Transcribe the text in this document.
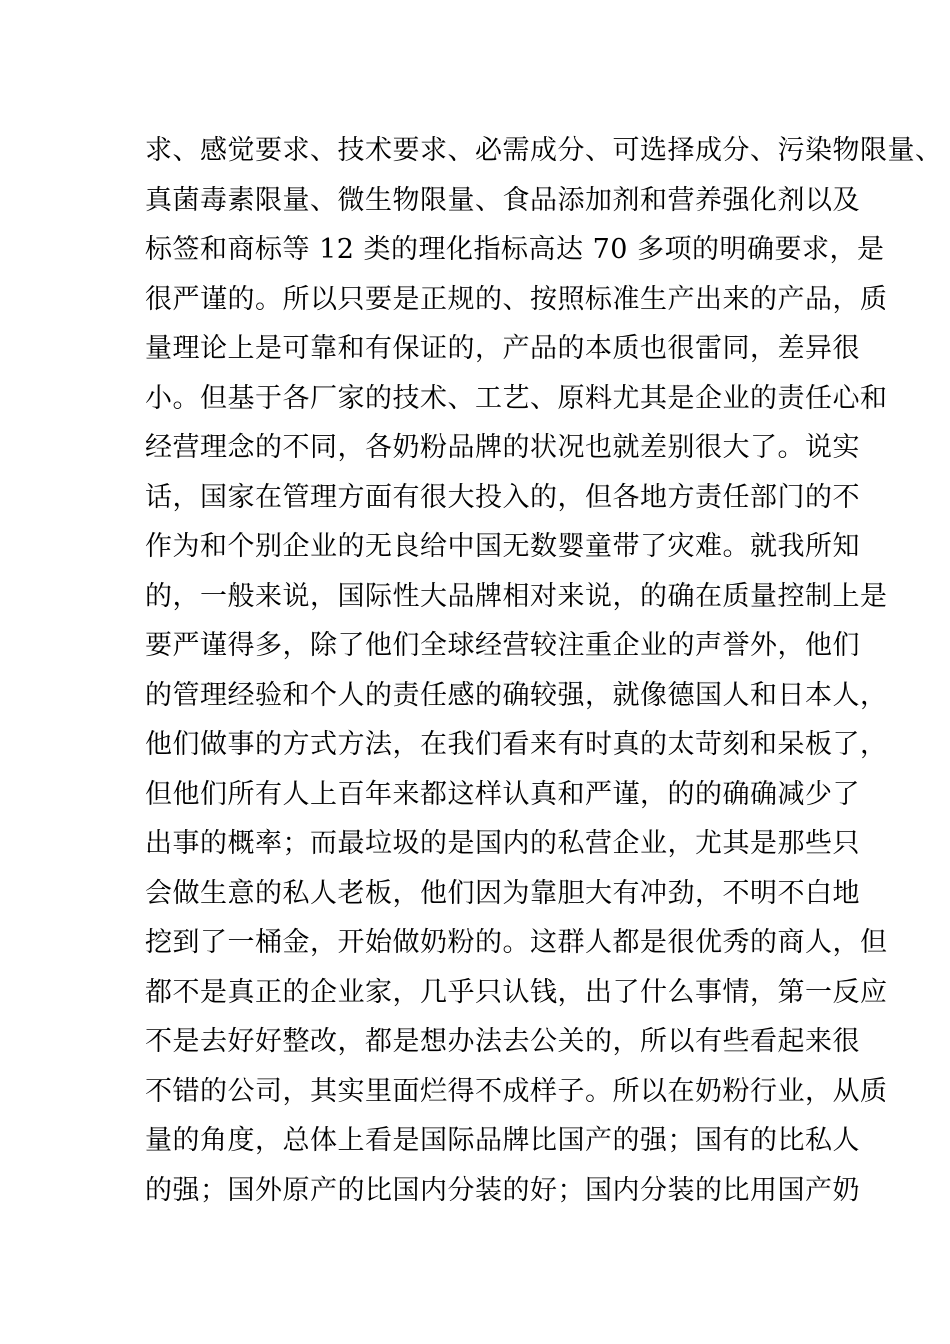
求、感觉要求、技术要求、必需成分、可选择成分、污染物限量、
真菌毒素限量、微生物限量、食品添加剂和营养强化剂以及
标签和商标等 12 类的理化指标高达 70 多项的明确要求，是
很严谨的。所以只要是正规的、按照标准生产出来的产品，质
量理论上是可靠和有保证的，产品的本质也很雷同，差异很
小。但基于各厂家的技术、工艺、原料尤其是企业的责任心和
经营理念的不同，各奶粉品牌的状况也就差别很大了。说实
话，国家在管理方面有很大投入的，但各地方责任部门的不
作为和个别企业的无良给中国无数婴童带了灾难。就我所知
的，一般来说，国际性大品牌相对来说，的确在质量控制上是
要严谨得多，除了他们全球经营较注重企业的声誉外，他们
的管理经验和个人的责任感的确较强，就像德国人和日本人，
他们做事的方式方法，在我们看来有时真的太苛刻和呆板了，
但他们所有人上百年来都这样认真和严谨，的的确确减少了
出事的概率；而最垃圾的是国内的私营企业，尤其是那些只
会做生意的私人老板，他们因为靠胆大有冲劲，不明不白地
挖到了一桶金，开始做奶粉的。这群人都是很优秀的商人，但
都不是真正的企业家，几乎只认钱，出了什么事情，第一反应
不是去好好整改，都是想办法去公关的，所以有些看起来很
不错的公司，其实里面烂得不成样子。所以在奶粉行业，从质
量的角度，总体上看是国际品牌比国产的强；国有的比私人
的强；国外原产的比国内分装的好；国内分装的比用国产奶
